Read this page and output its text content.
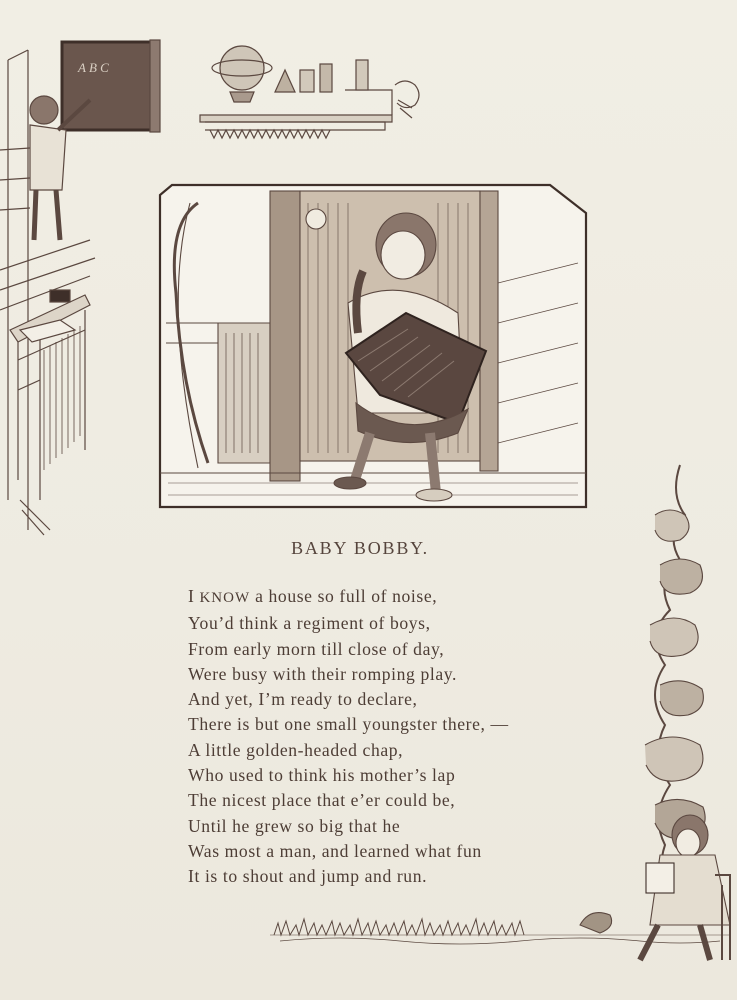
A B C
BABY BOBBY.
I KNOW a house so full of noise,
You’d think a regiment of boys,
From early morn till close of day,
Were busy with their romping play.
And yet, I’m ready to declare,
There is but one small youngster there, —
A little golden-headed chap,
Who used to think his mother’s lap
The nicest place that e’er could be,
Until he grew so big that he
Was most a man, and learned what fun
It is to shout and jump and run.
